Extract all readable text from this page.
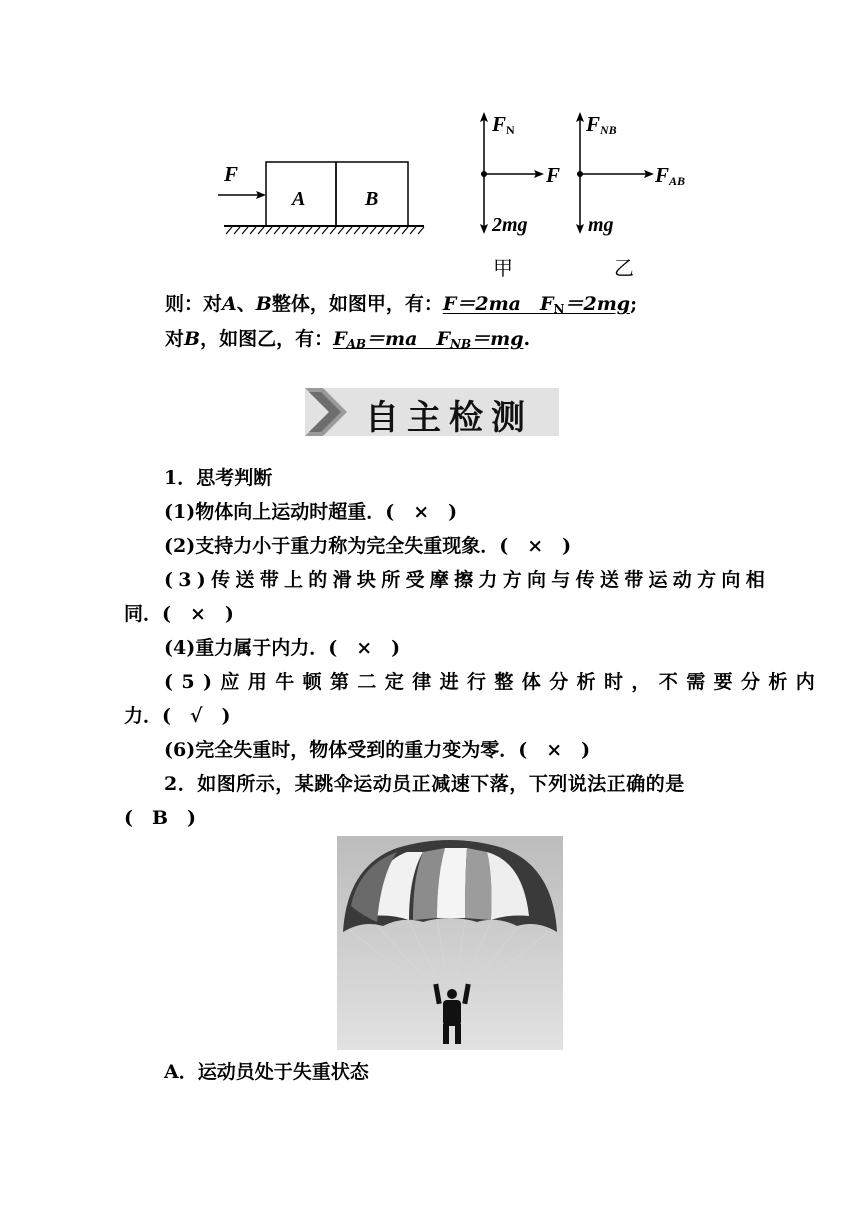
F
A	B
$F_N$
F
2mg
甲
$F_{NB}$
$F_{AB}$
mg
乙
则：对A、B整体，如图甲，有：F＝2ma　 $F_N=2mg$;
对B，如图乙，有：$F_{AB}=ma$　 $F_{NB}=mg$.
自主检测
1．思考判断
(1)物体向上运动时超重．(　×　)
(2)支持力小于重力称为完全失重现象．(　×　)
(3)传送带上的滑块所受摩擦力方向与传送带运动方向相
同．(　×　)
(4)重力属于内力．(　×　)
(5)应用牛顿第二定律进行整体分析时，不需要分析内
力．(　√　)
(6)完全失重时，物体受到的重力变为零．(　×　)
2．如图所示，某跳伞运动员正减速下落，下列说法正确的是
(　B　)
A．运动员处于失重状态
